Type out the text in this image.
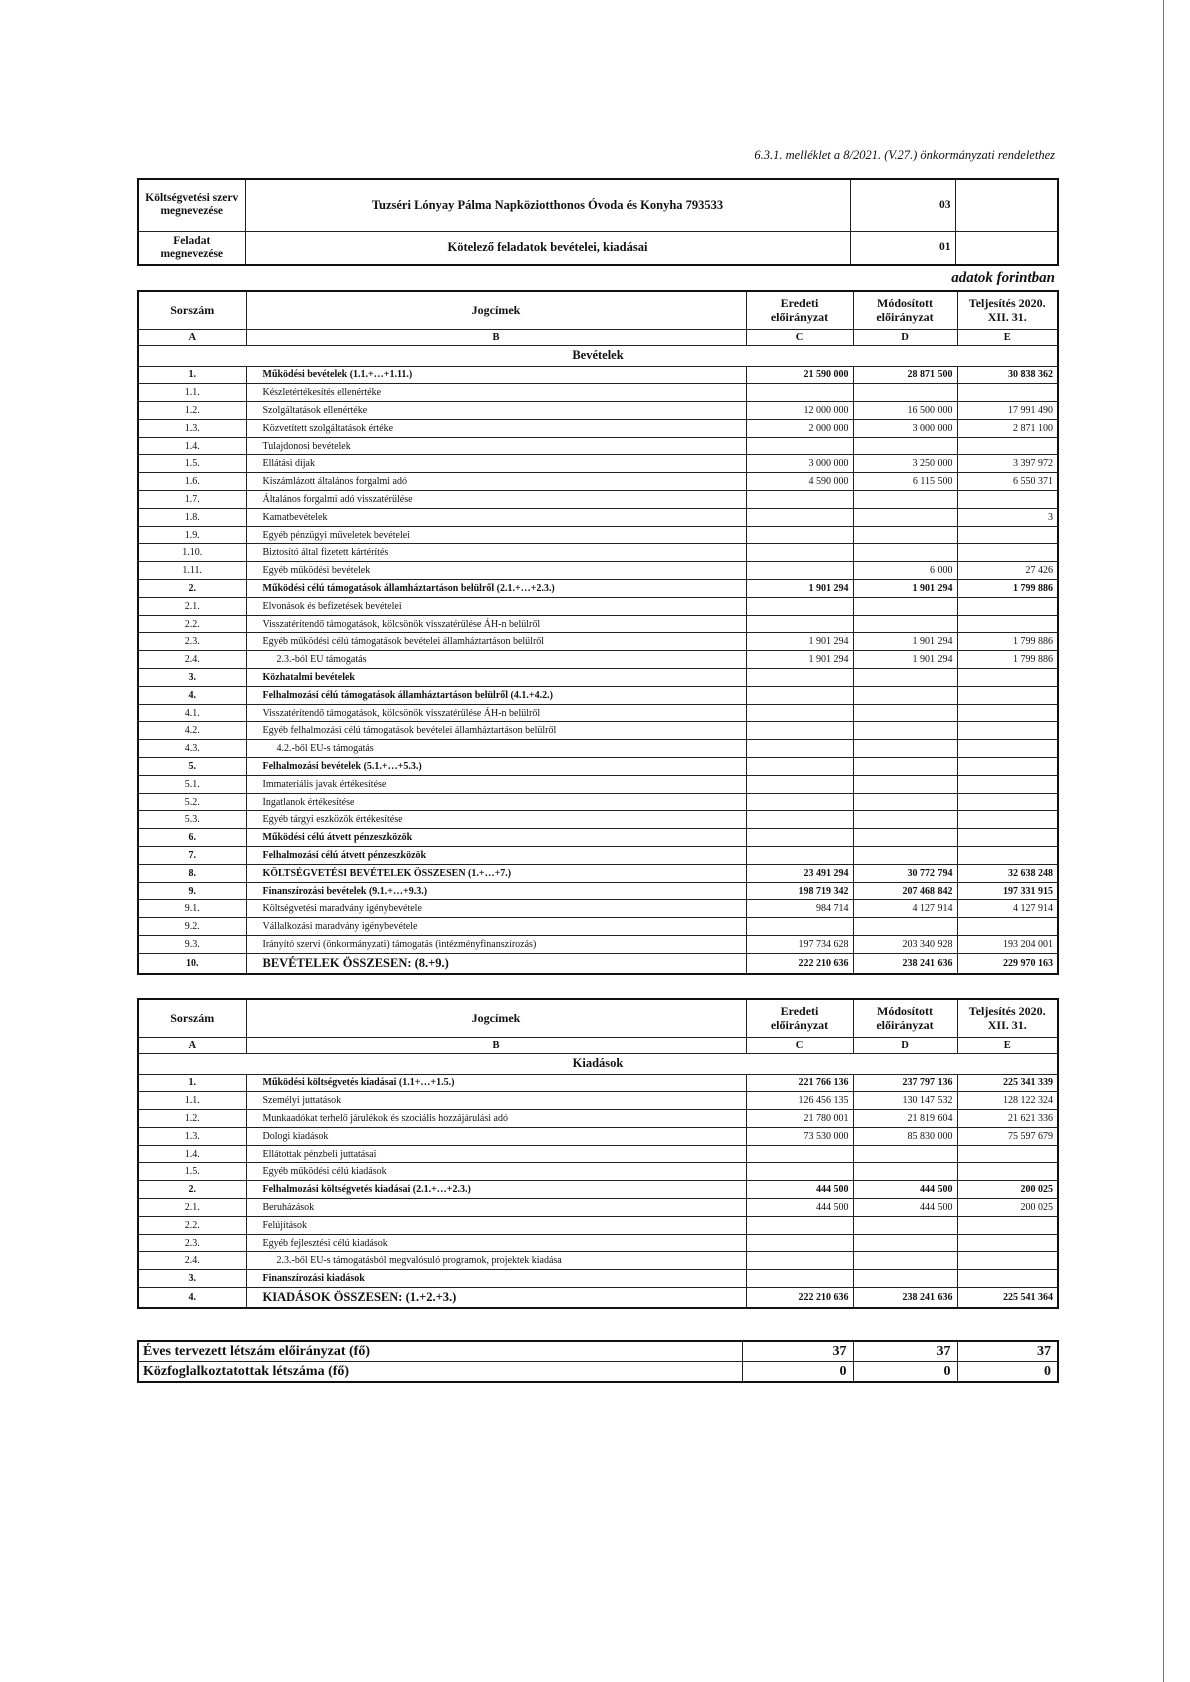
6.3.1. melléklet a 8/2021. (V.27.) önkormányzati rendelethez
Költségvetési szerv megnevezése	Tuzséri Lónyay Pálma Napköziotthonos Óvoda és Konyha 793533	03	
Feladat megnevezése	Kötelező feladatok bevételei, kiadásai	01	
adatok forintban
Sorszám	Jogcímek	Eredeti előirányzat	Módosított előirányzat	Teljesítés 2020. XII. 31.
A	B	C	D	E
Bevételek				
1.	Működési bevételek (1.1.+…+1.11.)	21 590 000	28 871 500	30 838 362
1.1.	Készletértékesítés ellenértéke			
1.2.	Szolgáltatások ellenértéke	12 000 000	16 500 000	17 991 490
1.3.	Közvetített szolgáltatások értéke	2 000 000	3 000 000	2 871 100
1.4.	Tulajdonosi bevételek			
1.5.	Ellátási díjak	3 000 000	3 250 000	3 397 972
1.6.	Kiszámlázott általános forgalmi adó	4 590 000	6 115 500	6 550 371
1.7.	Általános forgalmi adó visszatérülése			
1.8.	Kamatbevételek			3
1.9.	Egyéb pénzügyi műveletek bevételei			
1.10.	Biztosító által fizetett kártérítés			
1.11.	Egyéb működési bevételek		6 000	27 426
2.	Működési célú támogatások államháztartáson belülről (2.1.+…+2.3.)	1 901 294	1 901 294	1 799 886
2.1.	Elvonások és befizetések bevételei			
2.2.	Visszatérítendő támogatások, kölcsönök visszatérülése ÁH-n belülről			
2.3.	Egyéb működési célú támogatások bevételei államháztartáson belülről	1 901 294	1 901 294	1 799 886
2.4.	2.3.-ból EU támogatás	1 901 294	1 901 294	1 799 886
3.	Közhatalmi bevételek			
4.	Felhalmozási célú támogatások államháztartáson belülről (4.1.+4.2.)			
4.1.	Visszatérítendő támogatások, kölcsönök visszatérülése ÁH-n belülről			
4.2.	Egyéb felhalmozási célú támogatások bevételei államháztartáson belülről			
4.3.	4.2.-ből EU-s támogatás			
5.	Felhalmozási bevételek (5.1.+…+5.3.)			
5.1.	Immateriális javak értékesítése			
5.2.	Ingatlanok értékesítése			
5.3.	Egyéb tárgyi eszközök értékesítése			
6.	Működési célú átvett pénzeszközök			
7.	Felhalmozási célú átvett pénzeszközök			
8.	KÖLTSÉGVETÉSI BEVÉTELEK ÖSSZESEN (1.+…+7.)	23 491 294	30 772 794	32 638 248
9.	Finanszírozási bevételek (9.1.+…+9.3.)	198 719 342	207 468 842	197 331 915
9.1.	Költségvetési maradvány igénybevétele	984 714	4 127 914	4 127 914
9.2.	Vállalkozási maradvány igénybevétele			
9.3.	Irányító szervi (önkormányzati) támogatás (intézményfinanszírozás)	197 734 628	203 340 928	193 204 001
10.	BEVÉTELEK ÖSSZESEN: (8.+9.)	222 210 636	238 241 636	229 970 163
Sorszám	Jogcímek	Eredeti előirányzat	Módosított előirányzat	Teljesítés 2020. XII. 31.
A	B	C	D	E
Kiadások				
1.	Működési költségvetés kiadásai (1.1+…+1.5.)	221 766 136	237 797 136	225 341 339
1.1.	Személyi juttatások	126 456 135	130 147 532	128 122 324
1.2.	Munkaadókat terhelő járulékok és szociális hozzájárulási adó	21 780 001	21 819 604	21 621 336
1.3.	Dologi kiadások	73 530 000	85 830 000	75 597 679
1.4.	Ellátottak pénzbeli juttatásai			
1.5.	Egyéb működési célú kiadások			
2.	Felhalmozási költségvetés kiadásai (2.1.+…+2.3.)	444 500	444 500	200 025
2.1.	Beruházások	444 500	444 500	200 025
2.2.	Felújítások			
2.3.	Egyéb fejlesztési célú kiadások			
2.4.	2.3.-ből EU-s támogatásból megvalósuló programok, projektek kiadása			
3.	Finanszírozási kiadások			
4.	KIADÁSOK ÖSSZESEN: (1.+2.+3.)	222 210 636	238 241 636	225 541 364
Éves tervezett létszám előirányzat (fő)	37	37	37
Közfoglalkoztatottak létszáma (fő)	0	0	0
